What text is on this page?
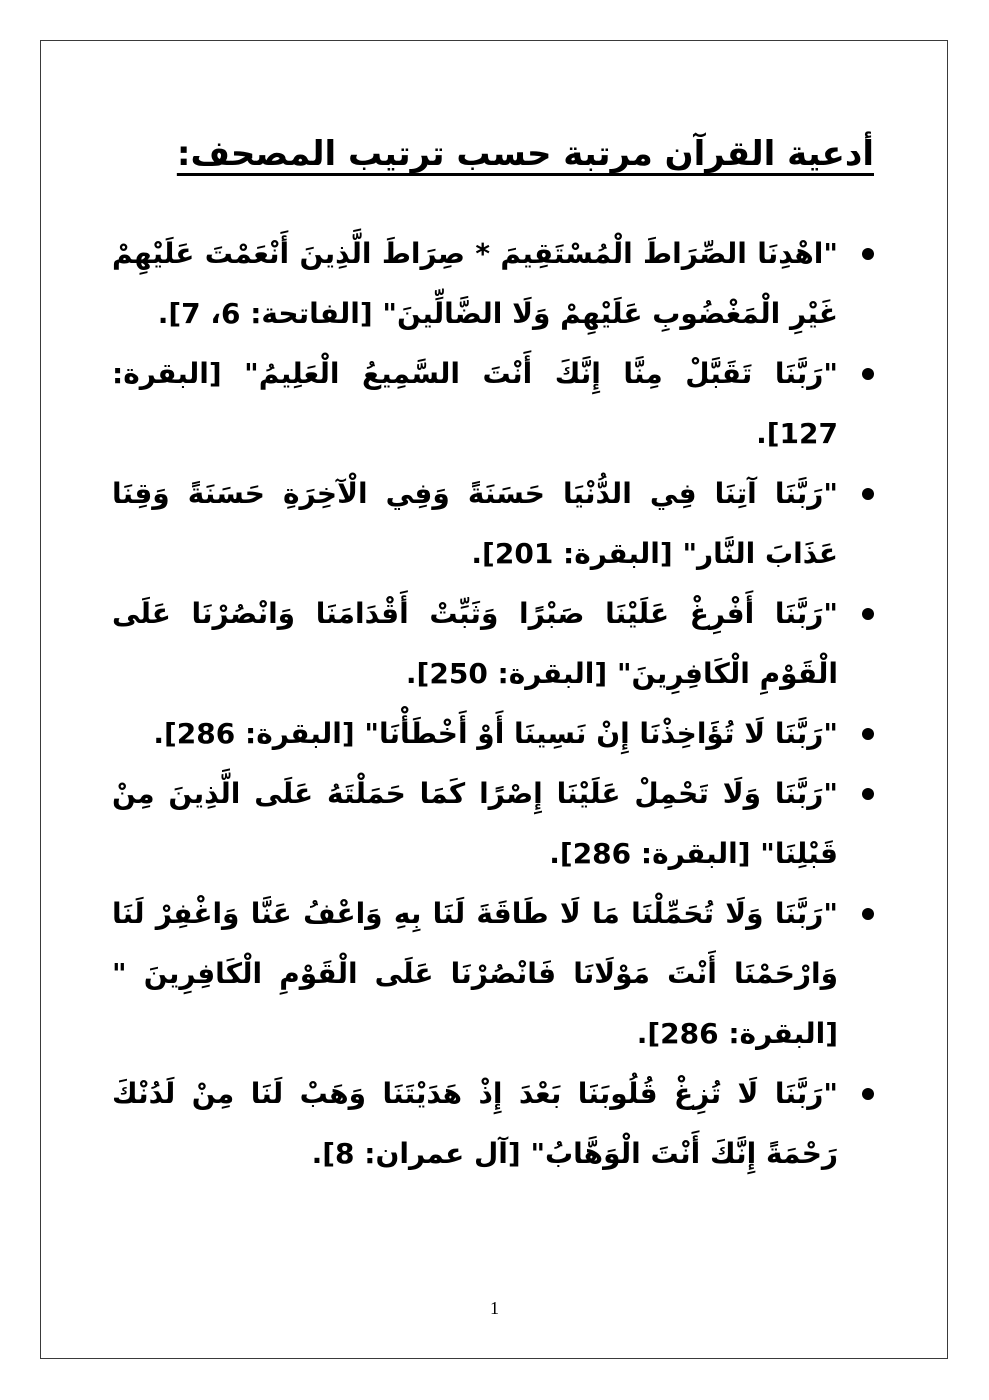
أدعية القرآن مرتبة حسب ترتيب المصحف:
"اهْدِنَا الصِّرَاطَ الْمُسْتَقِيمَ * صِرَاطَ الَّذِينَ أَنْعَمْتَ عَلَيْهِمْ غَيْرِ الْمَغْضُوبِ عَلَيْهِمْ وَلَا الضَّالِّينَ" [الفاتحة: 6، 7].
"رَبَّنَا تَقَبَّلْ مِنَّا إِنَّكَ أَنْتَ السَّمِيعُ الْعَلِيمُ" [البقرة: 127].
"رَبَّنَا آتِنَا فِي الدُّنْيَا حَسَنَةً وَفِي الْآخِرَةِ حَسَنَةً وَقِنَا عَذَابَ النَّار" [البقرة: 201].
"رَبَّنَا أَفْرِغْ عَلَيْنَا صَبْرًا وَثَبِّتْ أَقْدَامَنَا وَانْصُرْنَا عَلَى الْقَوْمِ الْكَافِرِينَ" [البقرة: 250].
"رَبَّنَا لَا تُؤَاخِذْنَا إِنْ نَسِينَا أَوْ أَخْطَأْنَا" [البقرة: 286].
"رَبَّنَا وَلَا تَحْمِلْ عَلَيْنَا إِصْرًا كَمَا حَمَلْتَهُ عَلَى الَّذِينَ مِنْ قَبْلِنَا" [البقرة: 286].
"رَبَّنَا وَلَا تُحَمِّلْنَا مَا لَا طَاقَةَ لَنَا بِهِ وَاعْفُ عَنَّا وَاغْفِرْ لَنَا وَارْحَمْنَا أَنْتَ مَوْلَانَا فَانْصُرْنَا عَلَى الْقَوْمِ الْكَافِرِينَ " [البقرة: 286].
"رَبَّنَا لَا تُزِغْ قُلُوبَنَا بَعْدَ إِذْ هَدَيْتَنَا وَهَبْ لَنَا مِنْ لَدُنْكَ رَحْمَةً إِنَّكَ أَنْتَ الْوَهَّابُ" [آل عمران: 8].
1
